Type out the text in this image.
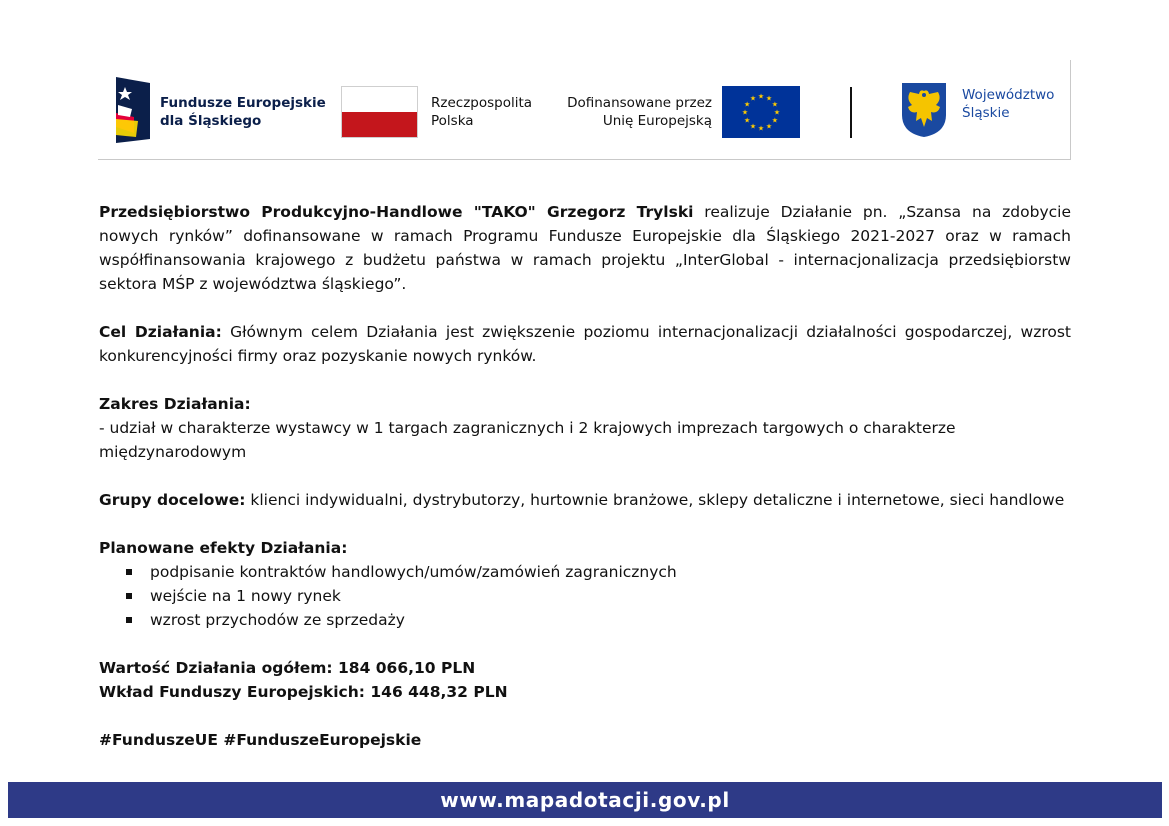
Fundusze Europejskie
dla Śląskiego
Rzeczpospolita
Polska
Dofinansowane przez
Unię Europejską
★ ★
★
★
★
★
★
★
★
★
★
★	Województwo
Śląskie

Przedsiębiorstwo Produkcyjno-Handlowe "TAKO" Grzegorz Trylski realizuje Działanie pn. „Szansa na zdobycie nowych rynków” dofinansowane w ramach Programu Fundusze Europejskie dla Śląskiego 2021-2027 oraz w ramach współfinansowania krajowego z budżetu państwa w ramach projektu „InterGlobal - internacjonalizacja przedsiębiorstw sektora MŚP z województwa śląskiego”.

Cel Działania: Głównym celem Działania jest zwiększenie poziomu internacjonalizacji działalności gospodarczej, wzrost konkurencyjności firmy oraz pozyskanie nowych rynków.

Zakres Działania:

- udział w charakterze wystawcy w 1 targach zagranicznych i 2 krajowych imprezach targowych o charakterze międzynarodowym

Grupy docelowe: klienci indywidualni, dystrybutorzy, hurtownie branżowe, sklepy detaliczne i internetowe, sieci handlowe

Planowane efekty Działania:

podpisanie kontraktów handlowych/umów/zamówień zagranicznych
wejście na 1 nowy rynek
wzrost przychodów ze sprzedaży

Wartość Działania ogółem: 184 066,10 PLN

Wkład Funduszy Europejskich: 146 448,32 PLN

#FunduszeUE #FunduszeEuropejskie

www.mapadotacji.gov.pl
